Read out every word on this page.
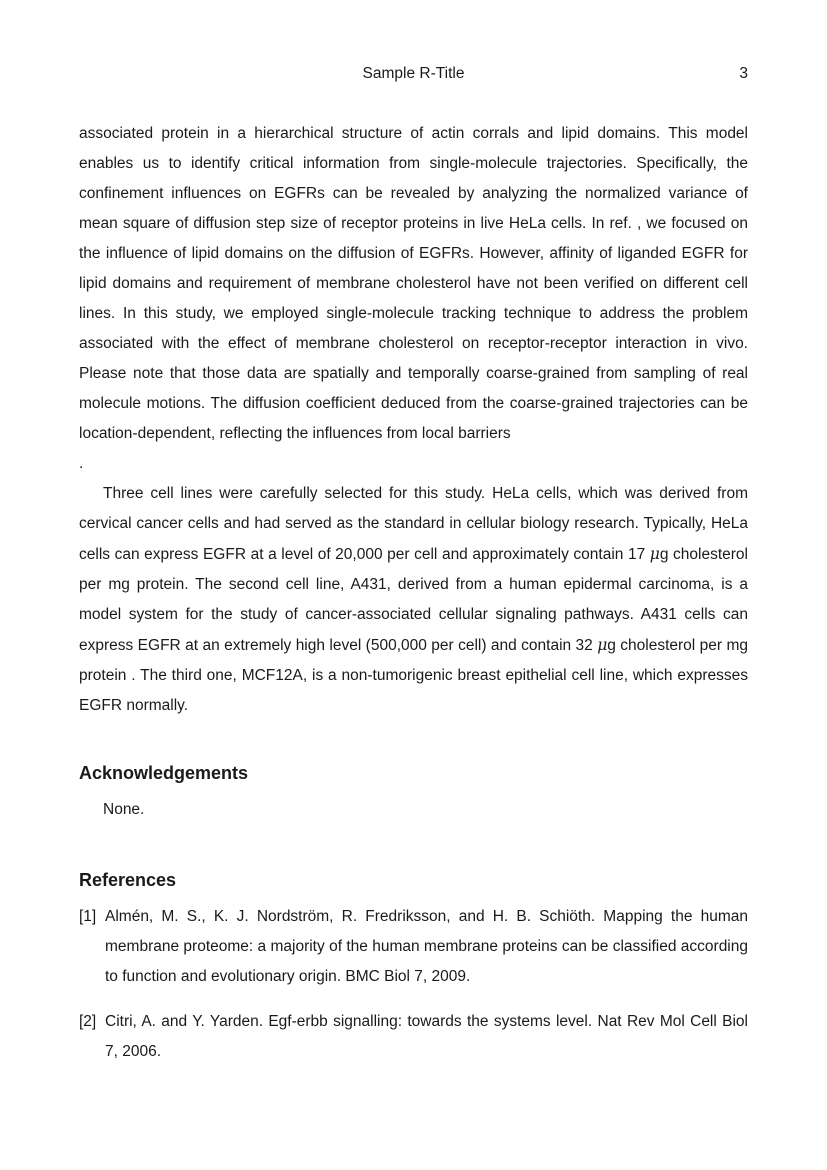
Sample R-Title	3

associated protein in a hierarchical structure of actin corrals and lipid domains. This model enables us to identify critical information from single-molecule trajectories. Specifically, the confinement influences on EGFRs can be revealed by analyzing the normalized variance of mean square of diffusion step size of receptor proteins in live HeLa cells. In ref. , we focused on the influence of lipid domains on the diffusion of EGFRs. However, affinity of liganded EGFR for lipid domains and requirement of membrane cholesterol have not been verified on different cell lines. In this study, we employed single-molecule tracking technique to address the problem associated with the effect of membrane cholesterol on receptor-receptor interaction in vivo. Please note that those data are spatially and temporally coarse-grained from sampling of real molecule motions. The diffusion coefficient deduced from the coarse-grained trajectories can be location-dependent, reflecting the influences from local barriers
.

Three cell lines were carefully selected for this study. HeLa cells, which was derived from cervical cancer cells and had served as the standard in cellular biology research. Typically, HeLa cells can express EGFR at a level of 20,000 per cell and approximately contain 17 μg cholesterol per mg protein. The second cell line, A431, derived from a human epidermal carcinoma, is a model system for the study of cancer-associated cellular signaling pathways. A431 cells can express EGFR at an extremely high level (500,000 per cell) and contain 32 μg cholesterol per mg protein . The third one, MCF12A, is a non-tumorigenic breast epithelial cell line, which expresses EGFR normally.

Acknowledgements

None.

References
[1] Almén, M. S., K. J. Nordström, R. Fredriksson, and H. B. Schiöth. Mapping the human membrane proteome: a majority of the human membrane proteins can be classified according to function and evolutionary origin. BMC Biol 7, 2009.
[2] Citri, A. and Y. Yarden. Egf-erbb signalling: towards the systems level. Nat Rev Mol Cell Biol 7, 2006.
